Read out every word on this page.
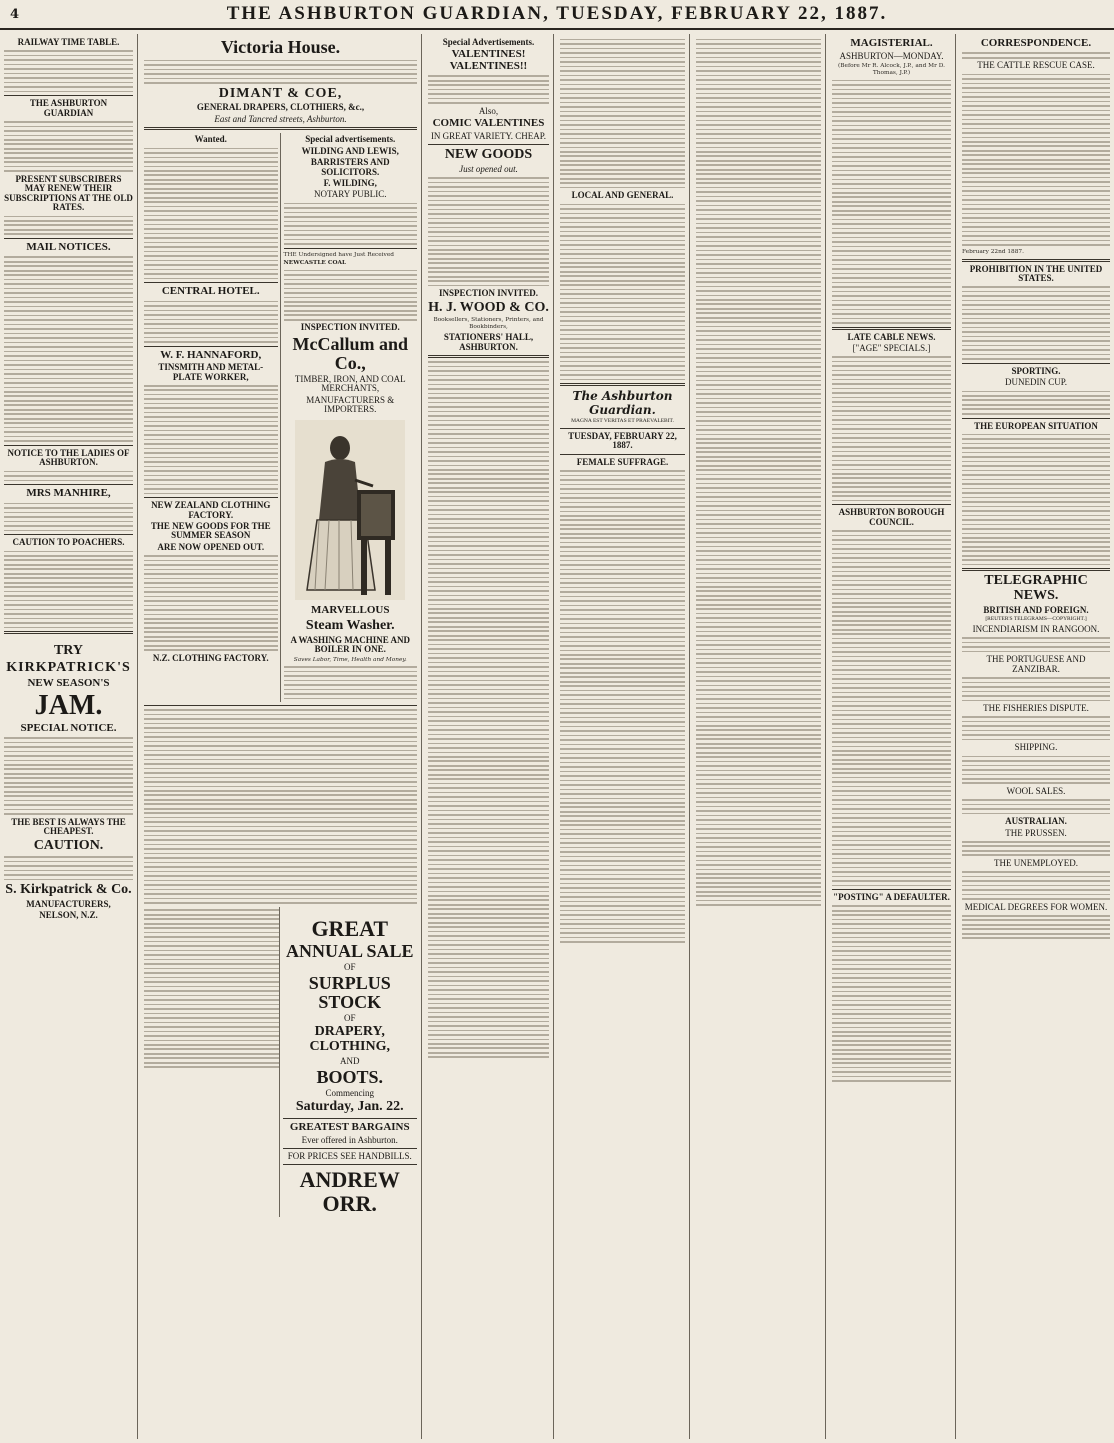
4	THE ASHBURTON GUARDIAN, TUESDAY, FEBRUARY 22, 1887.
RAILWAY TIME TABLE.
THE ASHBURTON GUARDIAN
PRESENT SUBSCRIBERS MAY RENEW THEIR SUBSCRIPTIONS AT THE OLD RATES.
MAIL NOTICES.
NOTICE TO THE LADIES OF ASHBURTON.
MRS MANHIRE,
CAUTION TO POACHERS.
TRY
KIRKPATRICK'S
NEW SEASON'S
JAM.
SPECIAL NOTICE.
THE BEST IS ALWAYS THE CHEAPEST.
CAUTION.
S. Kirkpatrick & Co.
MANUFACTURERS,
NELSON, N.Z.
Victoria House.
DIMANT & COE,
GENERAL DRAPERS, CLOTHIERS, &c.,
East and Tancred streets, Ashburton.
Wanted.
CENTRAL HOTEL.
W. F. HANNAFORD,
TINSMITH AND METAL-PLATE WORKER,
NEW ZEALAND CLOTHING FACTORY.
THE NEW GOODS FOR THE SUMMER SEASON
ARE NOW OPENED OUT.
N.Z. CLOTHING FACTORY.
Special advertisements.
WILDING AND LEWIS,
BARRISTERS AND SOLICITORS.
F. WILDING,
NOTARY PUBLIC.
THE Undersigned have Just Received
NEWCASTLE COAL
INSPECTION INVITED.
McCallum and Co.,
TIMBER, IRON, AND COAL MERCHANTS,
MANUFACTURERS & IMPORTERS.
MARVELLOUS
Steam Washer.
A WASHING MACHINE AND BOILER IN ONE.
Saves Labor, Time, Health and Money.
GREAT
ANNUAL SALE
OF
SURPLUS STOCK
OF
DRAPERY, CLOTHING,
AND
BOOTS.
Commencing
Saturday, Jan. 22.
GREATEST BARGAINS
Ever offered in Ashburton.
FOR PRICES SEE HANDBILLS.
ANDREW ORR.
Special Advertisements.
VALENTINES! VALENTINES!!
Also,
COMIC VALENTINES
IN GREAT VARIETY. CHEAP.
NEW GOODS
Just opened out.
INSPECTION INVITED.
H. J. WOOD & CO.
Booksellers, Stationers, Printers, and Bookbinders,
STATIONERS' HALL, ASHBURTON.
LOCAL AND GENERAL.
The Ashburton Guardian.
MAGNA EST VERITAS ET PRAEVALEBIT.
TUESDAY, FEBRUARY 22, 1887.
FEMALE SUFFRAGE.
MAGISTERIAL.
ASHBURTON—MONDAY.
(Before Mr R. Alcock, J.P., and Mr D. Thomas, J.P.)
LATE CABLE NEWS.
["AGE" SPECIALS.]
ASHBURTON BOROUGH COUNCIL.
"POSTING" A DEFAULTER.
CORRESPONDENCE.
THE CATTLE RESCUE CASE.
February 22nd 1887.
PROHIBITION IN THE UNITED STATES.
SPORTING.
DUNEDIN CUP.
THE EUROPEAN SITUATION
TELEGRAPHIC NEWS.
BRITISH AND FOREIGN.
[REUTER'S TELEGRAMS—COPYRIGHT.]
INCENDIARISM IN RANGOON.
THE PORTUGUESE AND ZANZIBAR.
THE FISHERIES DISPUTE.
SHIPPING.
WOOL SALES.
AUSTRALIAN.
THE PRUSSEN.
THE UNEMPLOYED.
MEDICAL DEGREES FOR WOMEN.
